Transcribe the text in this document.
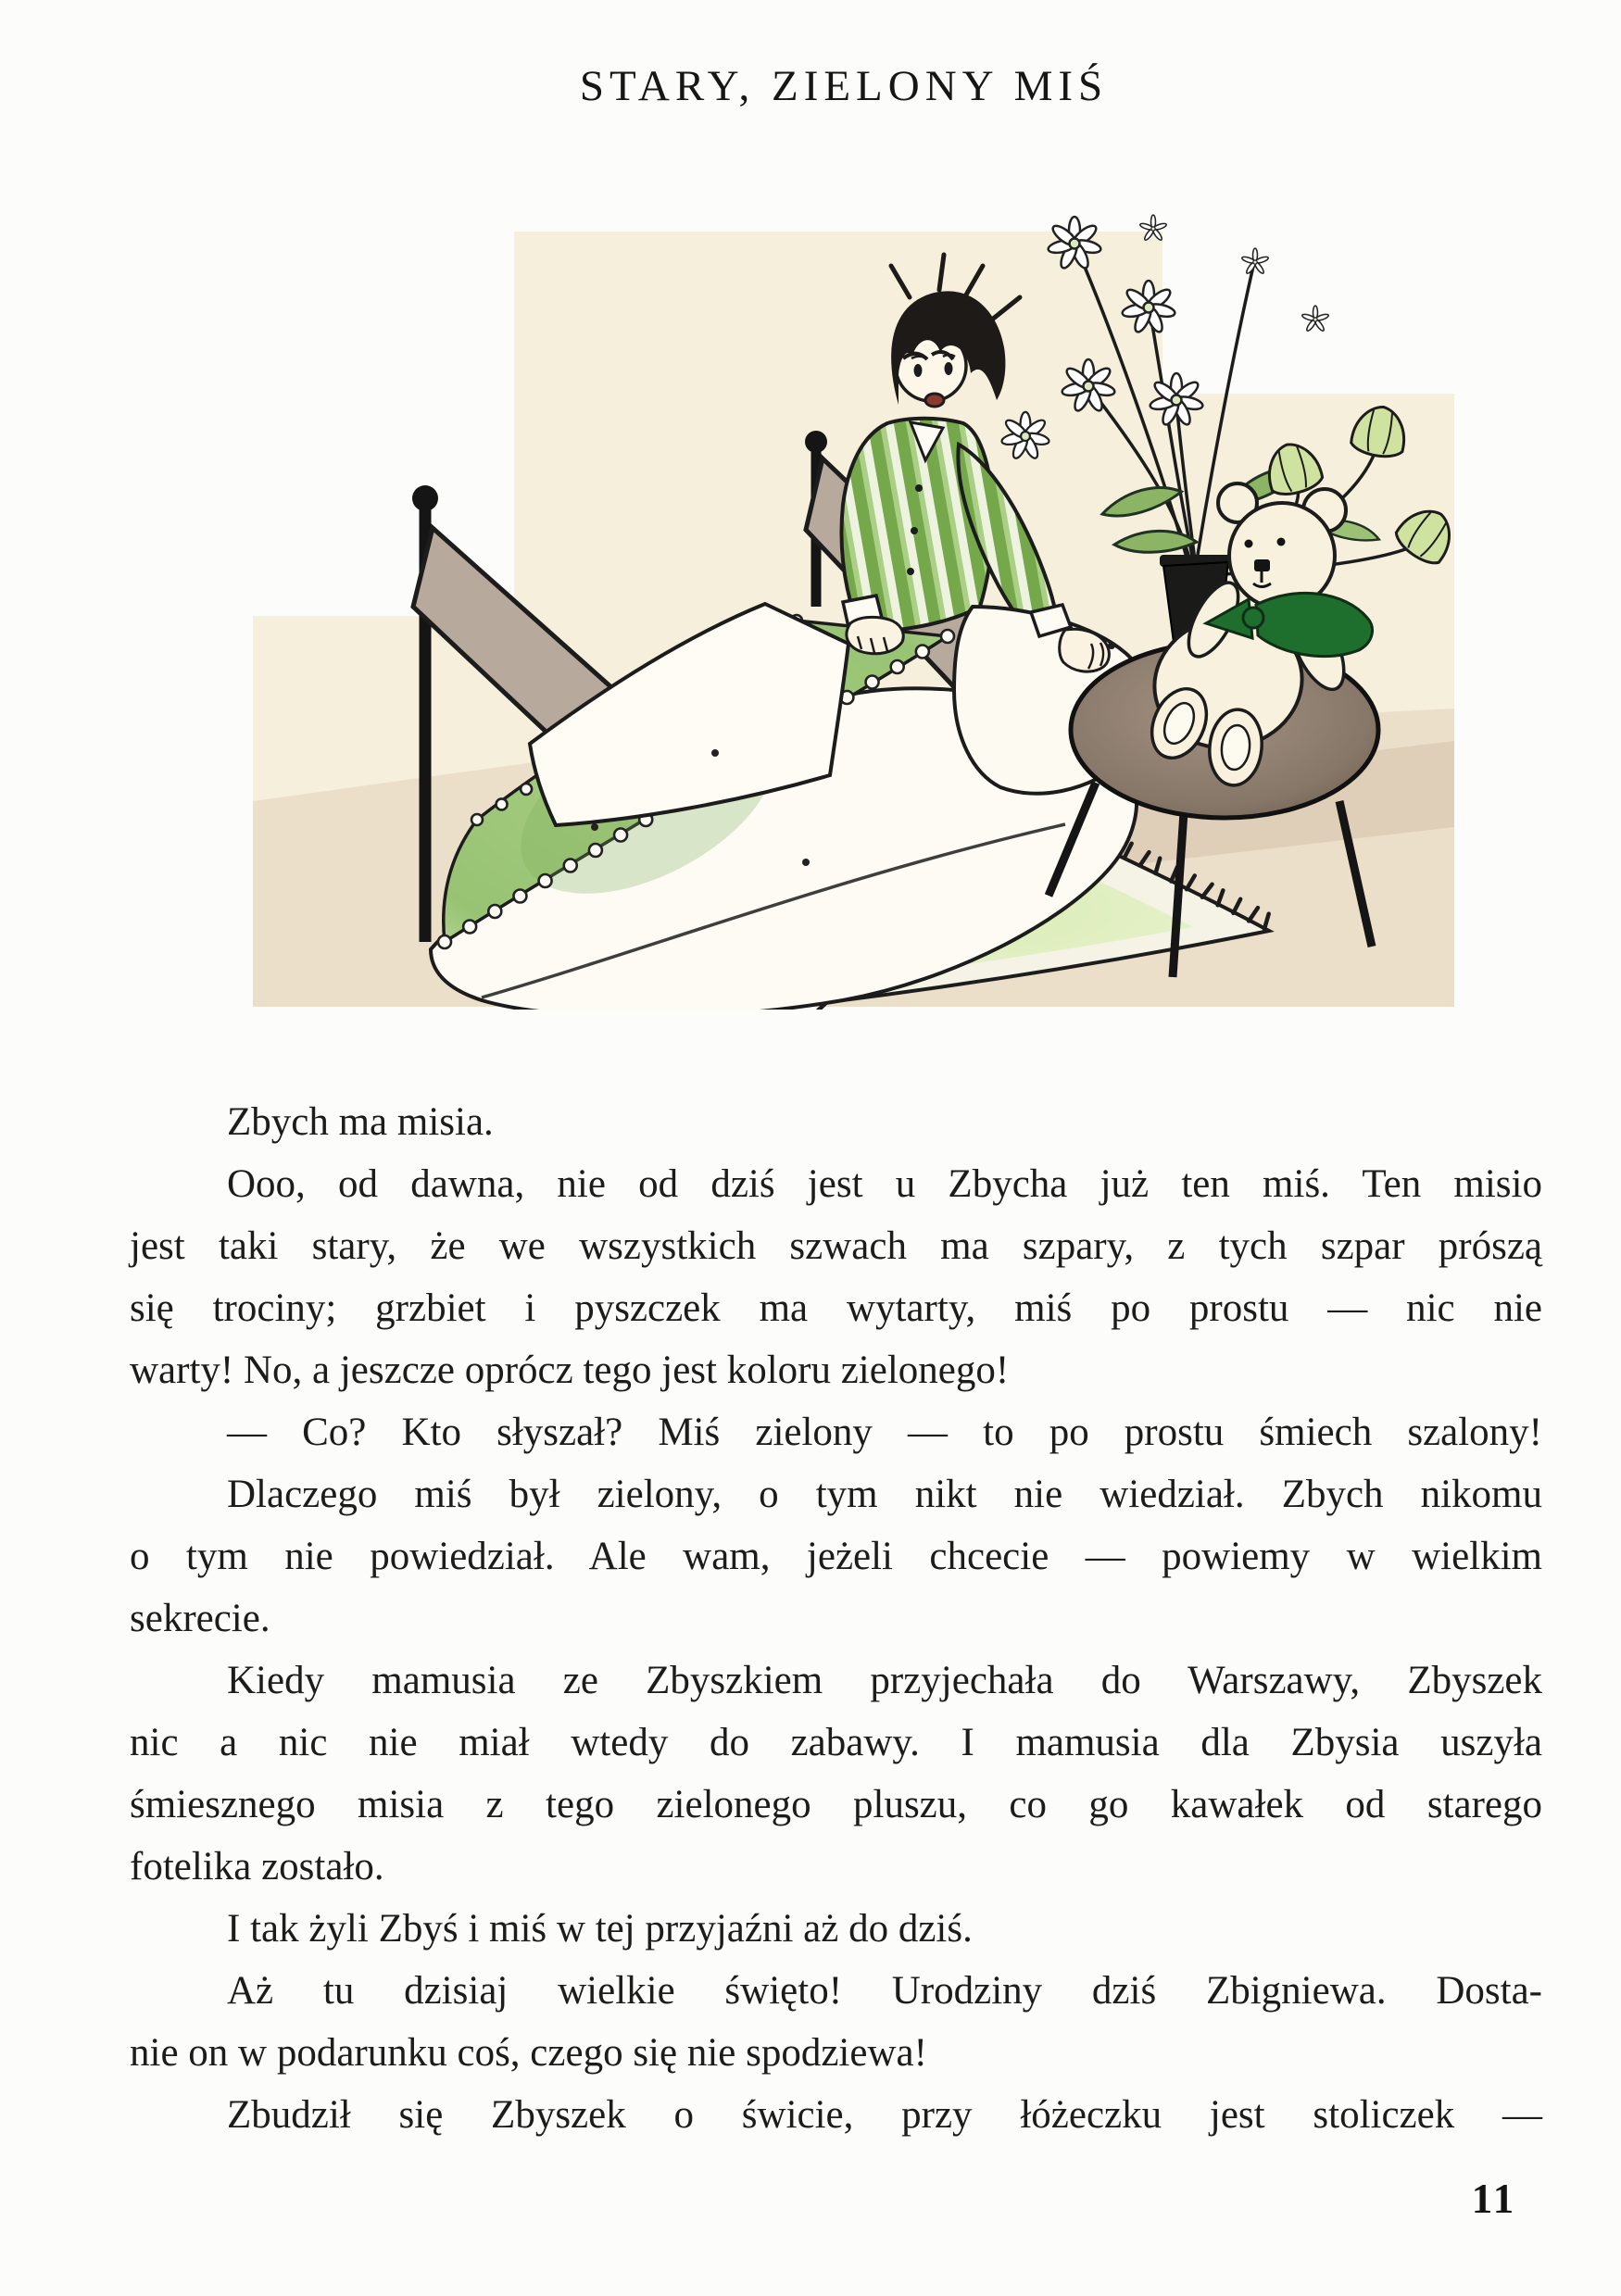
STARY, ZIELONY MIŚ
Zbych ma misia.
Ooo, od dawna, nie od dziś jest u Zbycha już ten miś. Ten misio
jest taki stary, że we wszystkich szwach ma szpary, z tych szpar prószą
się trociny; grzbiet i pyszczek ma wytarty, miś po prostu — nic nie
warty! No, a jeszcze oprócz tego jest koloru zielonego!
— Co? Kto słyszał? Miś zielony — to po prostu śmiech szalony!
Dlaczego miś był zielony, o tym nikt nie wiedział. Zbych nikomu
o tym nie powiedział. Ale wam, jeżeli chcecie — powiemy w wielkim
sekrecie.
Kiedy mamusia ze Zbyszkiem przyjechała do Warszawy, Zbyszek
nic a nic nie miał wtedy do zabawy. I mamusia dla Zbysia uszyła
śmiesznego misia z tego zielonego pluszu, co go kawałek od starego
fotelika zostało.
I tak żyli Zbyś i miś w tej przyjaźni aż do dziś.
Aż tu dzisiaj wielkie święto! Urodziny dziś Zbigniewa. Dosta-
nie on w podarunku coś, czego się nie spodziewa!
Zbudził się Zbyszek o świcie, przy łóżeczku jest stoliczek —
11
